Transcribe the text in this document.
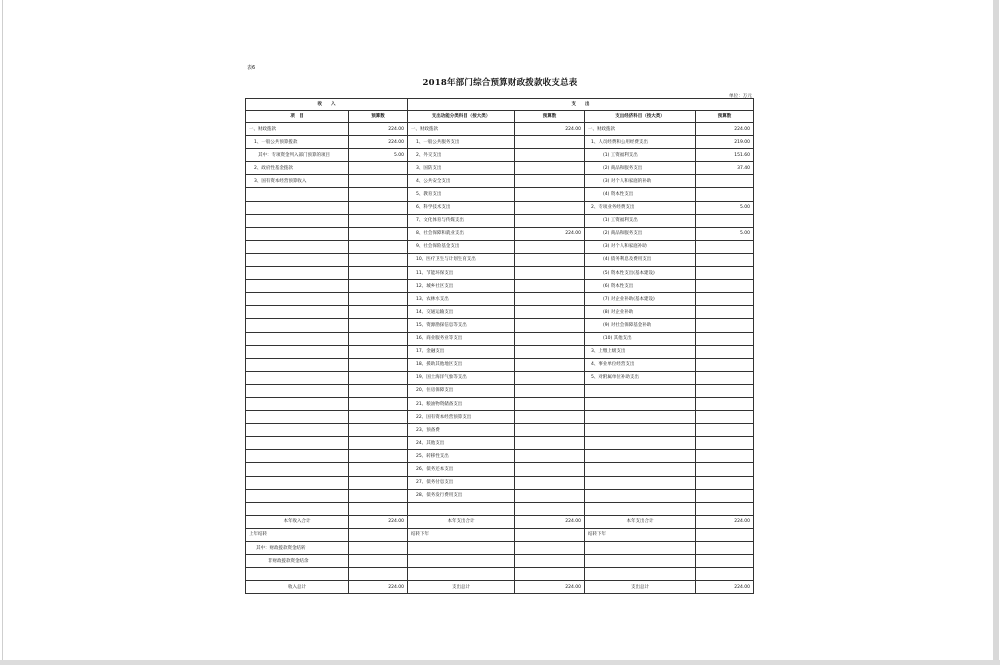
表6
2018年部门综合预算财政拨款收支总表
单位：万元
收　　入		支　　出			
项　目	预算数	支出功能分类科目（按大类）	预算数	支出经济科目（按大类）	预算数
一、财政拨款	224.00	一、财政拨款	224.00	一、财政拨款	224.00
1、一般公共预算拨款	224.00	1、一般公共服务支出		1、人员经费和公用经费支出	219.00
其中：专项资金列入部门预算的项目	5.00	2、外交支出		(1) 工资福利支出	151.60
2、政府性基金拨款		3、国防支出		(2) 商品和服务支出	37.40
3、国有资本经营预算收入		4、公共安全支出		(3) 对个人和家庭的补助	
		5、教育支出		(4) 资本性支出	
		6、科学技术支出		2、专项业务经费支出	5.00
		7、文化体育与传媒支出		(1) 工资福利支出	
		8、社会保障和就业支出	224.00	(2) 商品和服务支出	5.00
		9、社会保险基金支出		(3) 对个人和家庭补助	
		10、医疗卫生与计划生育支出		(4) 债务利息及费用支出	
		11、节能环保支出		(5) 资本性支出(基本建设)	
		12、城乡社区支出		(6) 资本性支出	
		13、农林水支出		(7) 对企业补助(基本建设)	
		14、交通运输支出		(8) 对企业补助	
		15、资源勘探信息等支出		(9) 对社会保障基金补助	
		16、商业服务业等支出		(10) 其他支出	
		17、金融支出		3、上缴上级支出	
		18、援助其他地区支出		4、事业单位经营支出	
		19、国土海洋气象等支出		5、对附属单位补助支出	
		20、住房保障支出			
		21、粮油物资储备支出			
		22、国有资本经营预算支出			
		23、预备费			
		24、其他支出			
		25、转移性支出			
		26、债务还本支出			
		27、债务付息支出			
		28、债务发行费用支出			

本年收入合计	224.00	本年支出合计	224.00	本年支出合计	224.00
上年结转		结转下年		结转下年	
其中：财政拨款资金结转					
非财政拨款资金结余					

收入总计	224.00	支出总计	224.00	支出总计	224.00
